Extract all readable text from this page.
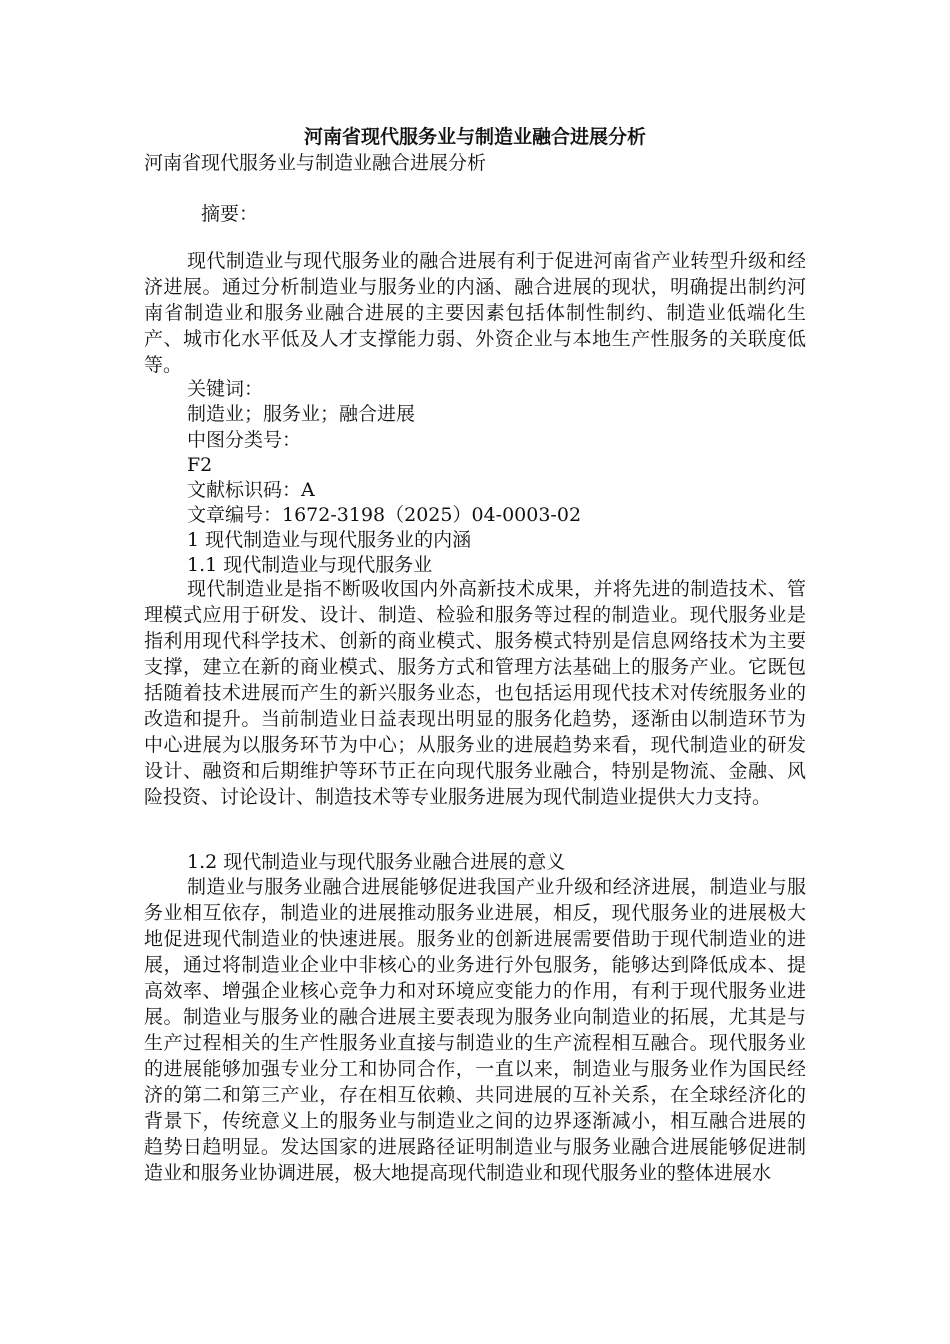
河南省现代服务业与制造业融合进展分析
河南省现代服务业与制造业融合进展分析
摘要：
现代制造业与现代服务业的融合进展有利于促进河南省产业转型升级和经济进展。通过分析制造业与服务业的内涵、融合进展的现状，明确提出制约河南省制造业和服务业融合进展的主要因素包括体制性制约、制造业低端化生产、城市化水平低及人才支撑能力弱、外资企业与本地生产性服务的关联度低等。
关键词：
制造业；服务业；融合进展
中图分类号：
F2
文献标识码：A
文章编号：1672-3198（2025）04-0003-02
1 现代制造业与现代服务业的内涵
1.1 现代制造业与现代服务业
现代制造业是指不断吸收国内外高新技术成果，并将先进的制造技术、管理模式应用于研发、设计、制造、检验和服务等过程的制造业。现代服务业是指利用现代科学技术、创新的商业模式、服务模式特别是信息网络技术为主要支撑，建立在新的商业模式、服务方式和管理方法基础上的服务产业。它既包括随着技术进展而产生的新兴服务业态，也包括运用现代技术对传统服务业的改造和提升。当前制造业日益表现出明显的服务化趋势，逐渐由以制造环节为中心进展为以服务环节为中心；从服务业的进展趋势来看，现代制造业的研发设计、融资和后期维护等环节正在向现代服务业融合，特别是物流、金融、风险投资、讨论设计、制造技术等专业服务进展为现代制造业提供大力支持。
1.2 现代制造业与现代服务业融合进展的意义
制造业与服务业融合进展能够促进我国产业升级和经济进展，制造业与服务业相互依存，制造业的进展推动服务业进展，相反，现代服务业的进展极大地促进现代制造业的快速进展。服务业的创新进展需要借助于现代制造业的进展，通过将制造业企业中非核心的业务进行外包服务，能够达到降低成本、提高效率、增强企业核心竞争力和对环境应变能力的作用，有利于现代服务业进展。制造业与服务业的融合进展主要表现为服务业向制造业的拓展，尤其是与生产过程相关的生产性服务业直接与制造业的生产流程相互融合。现代服务业的进展能够加强专业分工和协同合作，一直以来，制造业与服务业作为国民经济的第二和第三产业，存在相互依赖、共同进展的互补关系，在全球经济化的背景下，传统意义上的服务业与制造业之间的边界逐渐减小，相互融合进展的趋势日趋明显。发达国家的进展路径证明制造业与服务业融合进展能够促进制造业和服务业协调进展，极大地提高现代制造业和现代服务业的整体进展水
